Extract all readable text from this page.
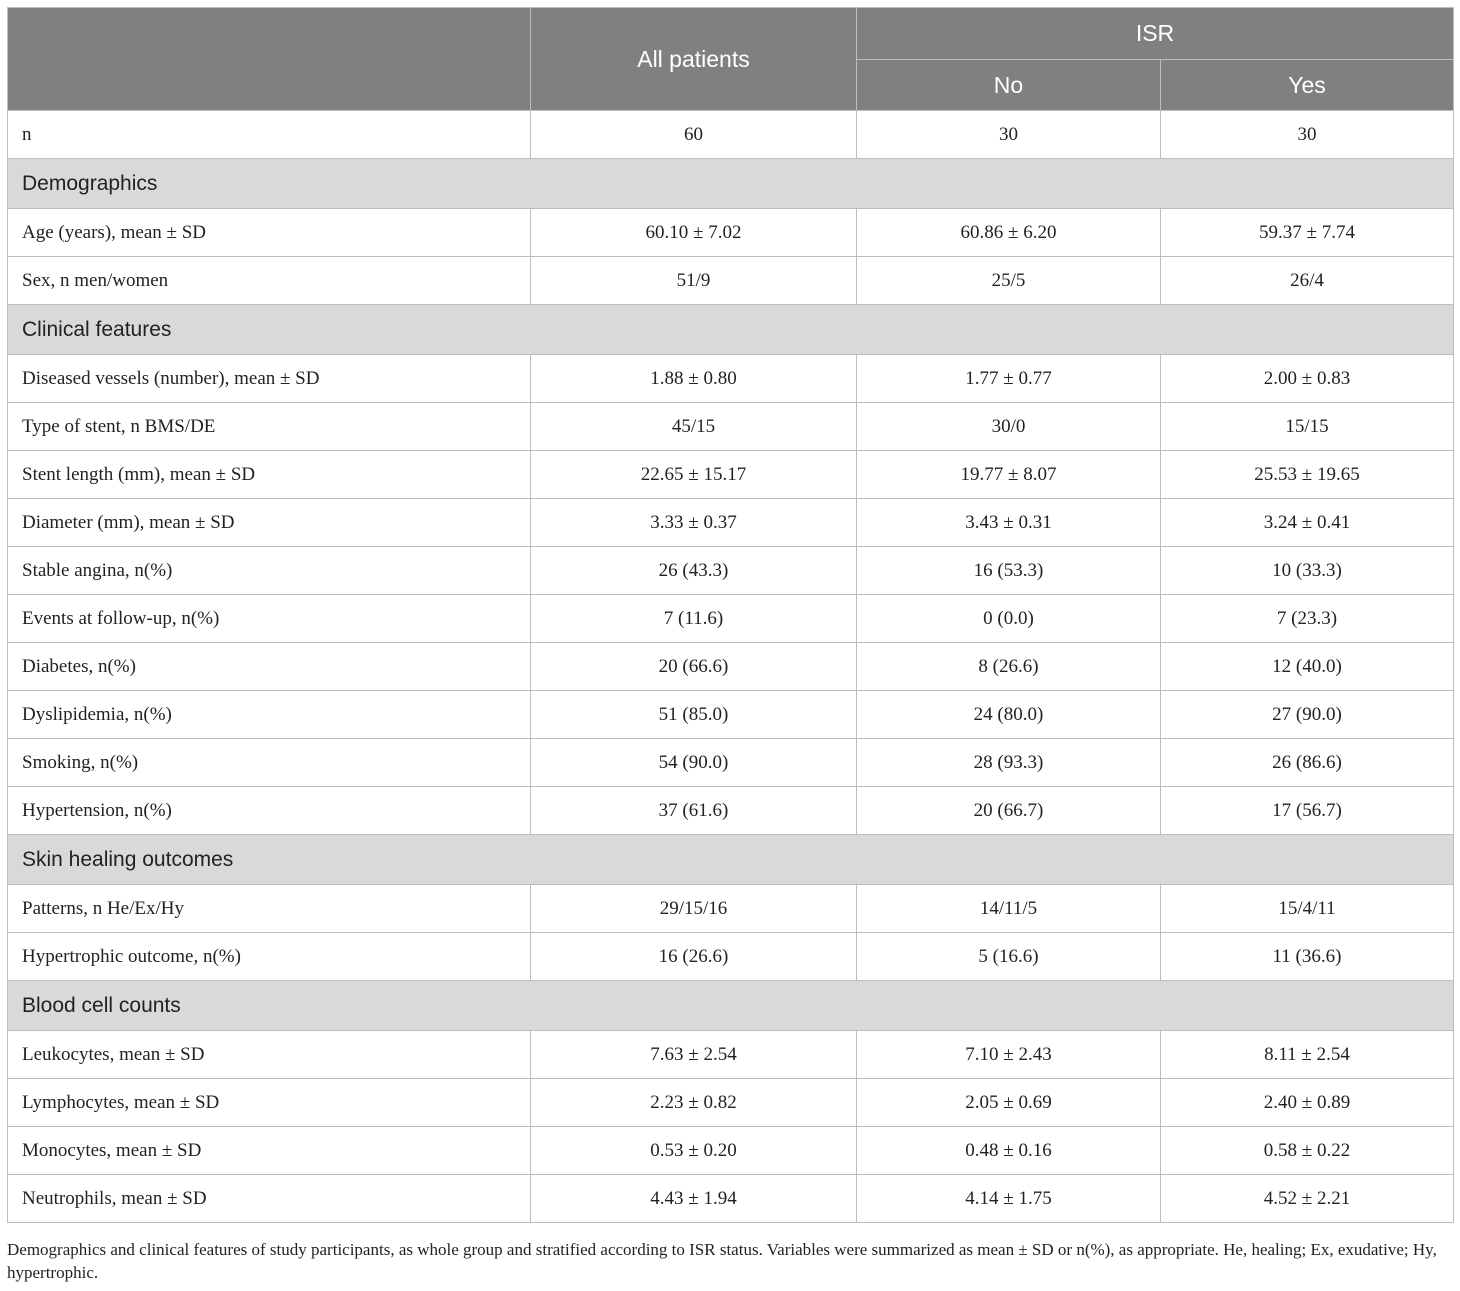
	All patients	ISR	
		No	Yes
n	60	30	30
Demographics			
Age (years), mean ± SD	60.10 ± 7.02	60.86 ± 6.20	59.37 ± 7.74
Sex, n men/women	51/9	25/5	26/4
Clinical features			
Diseased vessels (number), mean ± SD	1.88 ± 0.80	1.77 ± 0.77	2.00 ± 0.83
Type of stent, n BMS/DE	45/15	30/0	15/15
Stent length (mm), mean ± SD	22.65 ± 15.17	19.77 ± 8.07	25.53 ± 19.65
Diameter (mm), mean ± SD	3.33 ± 0.37	3.43 ± 0.31	3.24 ± 0.41
Stable angina, n(%)	26 (43.3)	16 (53.3)	10 (33.3)
Events at follow-up, n(%)	7 (11.6)	0 (0.0)	7 (23.3)
Diabetes, n(%)	20 (66.6)	8 (26.6)	12 (40.0)
Dyslipidemia, n(%)	51 (85.0)	24 (80.0)	27 (90.0)
Smoking, n(%)	54 (90.0)	28 (93.3)	26 (86.6)
Hypertension, n(%)	37 (61.6)	20 (66.7)	17 (56.7)
Skin healing outcomes			
Patterns, n He/Ex/Hy	29/15/16	14/11/5	15/4/11
Hypertrophic outcome, n(%)	16 (26.6)	5 (16.6)	11 (36.6)
Blood cell counts			
Leukocytes, mean ± SD	7.63 ± 2.54	7.10 ± 2.43	8.11 ± 2.54
Lymphocytes, mean ± SD	2.23 ± 0.82	2.05 ± 0.69	2.40 ± 0.89
Monocytes, mean ± SD	0.53 ± 0.20	0.48 ± 0.16	0.58 ± 0.22
Neutrophils, mean ± SD	4.43 ± 1.94	4.14 ± 1.75	4.52 ± 2.21
Demographics and clinical features of study participants, as whole group and stratified according to ISR status. Variables were summarized as mean ± SD or n(%), as appropriate. He, healing; Ex, exudative; Hy, hypertrophic.
